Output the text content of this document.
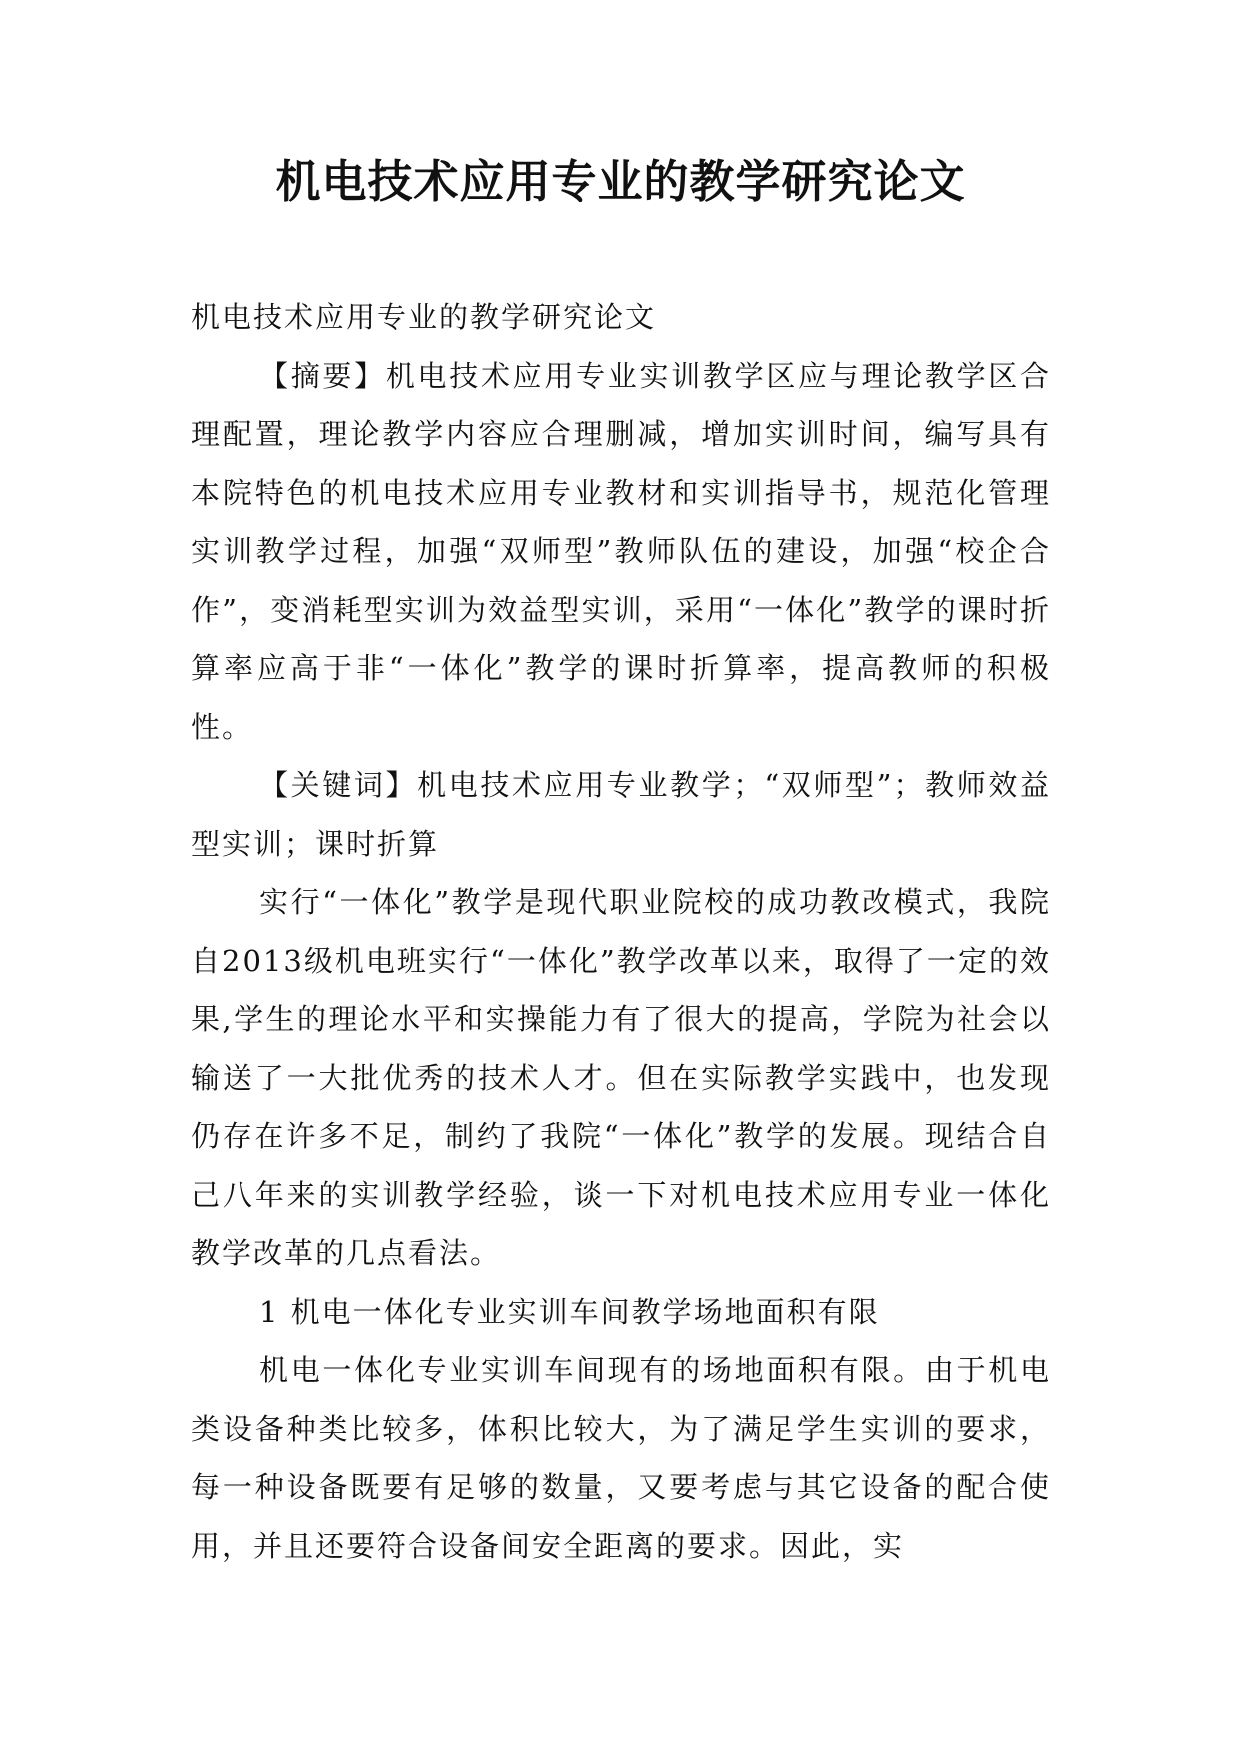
机电技术应用专业的教学研究论文

机电技术应用专业的教学研究论文

【摘要】机电技术应用专业实训教学区应与理论教学区合理配置，理论教学内容应合理删减，增加实训时间，编写具有本院特色的机电技术应用专业教材和实训指导书，规范化管理实训教学过程，加强“双师型”教师队伍的建设，加强“校企合作”，变消耗型实训为效益型实训，采用“一体化”教学的课时折算率应高于非“一体化”教学的课时折算率，提高教师的积极性。

【关键词】机电技术应用专业教学；“双师型”；教师效益型实训；课时折算

实行“一体化”教学是现代职业院校的成功教改模式，我院自2013级机电班实行“一体化”教学改革以来，取得了一定的效果,学生的理论水平和实操能力有了很大的提高，学院为社会以输送了一大批优秀的技术人才。但在实际教学实践中，也发现仍存在许多不足，制约了我院“一体化”教学的发展。现结合自己八年来的实训教学经验，谈一下对机电技术应用专业一体化教学改革的几点看法。

1 机电一体化专业实训车间教学场地面积有限

机电一体化专业实训车间现有的场地面积有限。由于机电类设备种类比较多，体积比较大，为了满足学生实训的要求，每一种设备既要有足够的数量，又要考虑与其它设备的配合使用，并且还要符合设备间安全距离的要求。因此，实
